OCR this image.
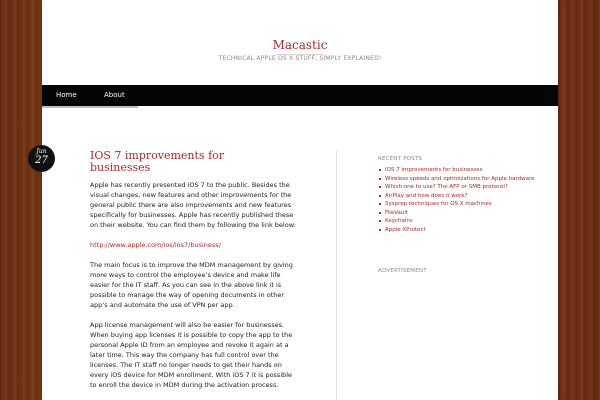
Macastic
TECHNICAL APPLE OS X STUFF, SIMPLY EXPLAINED!
Home	About
Jun
27	IOS 7 improvements for businesses

Apple has recently presented iOS 7 to the public. Besides the visual changes, new features and other improvements for the general public there are also improvements and new features specifically for businesses. Apple has recently published these on their website. You can find them by following the link below:

http://www.apple.com/ios/ios7/business/

The main focus is to improve the MDM management by giving more ways to control the employee’s device and make life easier for the IT staff. As you can see in the above link it is possible to manage the way of opening documents in other app’s and automate the use of VPN per app.

App license management will also be easier for businesses. When buying app licenses it is possible to copy the app to the personal Apple ID from an employee and revoke it again at a later time. This way the company has full control over the licenses. The IT staff no longer needs to get their hands on every iOS device for MDM enrollment. With iOS 7 it is possible to enroll the device in MDM during the activation process.

RECENT POSTS
IOS 7 improvements for businesses
Wireless speeds and optimizations for Apple hardware
Which one to use? The AFP or SMB protocol?
AirPlay and how does it work?
Sysprep techniques for OS X machines
FileVault
Keychains
Apple XProtect
ADVERTISEMENT
